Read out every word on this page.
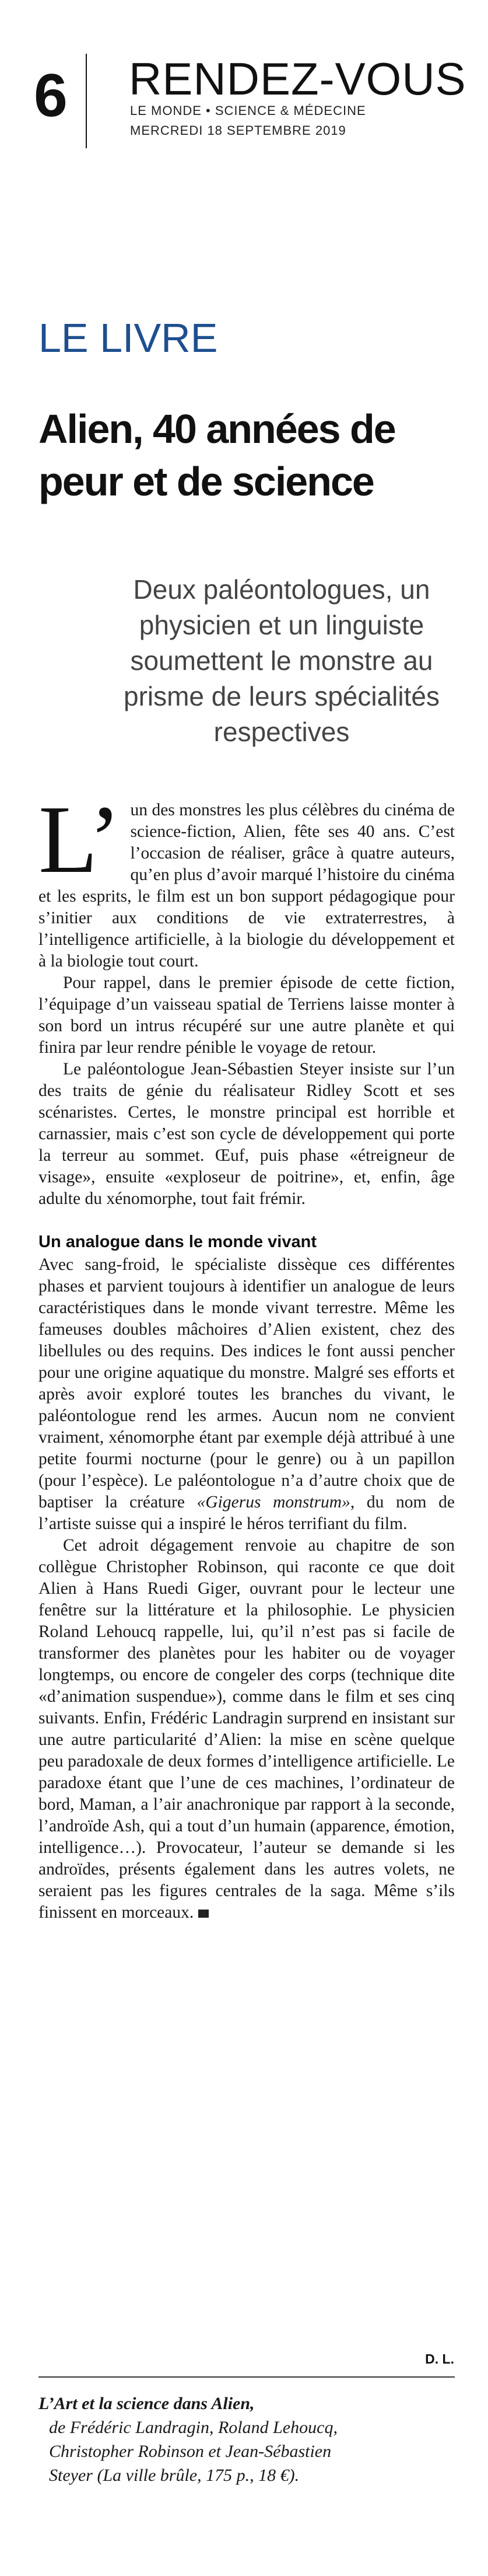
6 RENDEZ-VOUS
LE MONDE • SCIENCE & MÉDECINE
MERCREDI 18 SEPTEMBRE 2019
LE LIVRE
Alien, 40 années de peur et de science
Deux paléontologues, un physicien et un linguiste soumettent le monstre au prisme de leurs spécialités respectives

L’ un des monstres les plus célèbres du cinéma de science-fiction, Alien, fête ses 40 ans. C’est l’occasion de réaliser, grâce à quatre auteurs, qu’en plus d’avoir marqué l’histoire du cinéma et les esprits, le film est un bon support pédagogique pour s’initier aux conditions de vie extraterrestres, à l’intelligence artificielle, à la biologie du développement et à la biologie tout court.

Pour rappel, dans le premier épisode de cette fiction, l’équipage d’un vaisseau spatial de Terriens laisse monter à son bord un intrus récupéré sur une autre planète et qui finira par leur rendre pénible le voyage de retour.

Le paléontologue Jean-Sébastien Steyer insiste sur l’un des traits de génie du réalisateur Ridley Scott et ses scénaristes. Certes, le monstre principal est horrible et carnassier, mais c’est son cycle de développement qui porte la terreur au sommet. Œuf, puis phase «étreigneur de visage», ensuite «exploseur de poitrine», et, enfin, âge adulte du xénomorphe, tout fait frémir.

Un analogue dans le monde vivant

Avec sang-froid, le spécialiste dissèque ces différentes phases et parvient toujours à identifier un analogue de leurs caractéristiques dans le monde vivant terrestre. Même les fameuses doubles mâchoires d’Alien existent, chez des libellules ou des requins. Des indices le font aussi pencher pour une origine aquatique du monstre. Malgré ses efforts et après avoir exploré toutes les branches du vivant, le paléontologue rend les armes. Aucun nom ne convient vraiment, xénomorphe étant par exemple déjà attribué à une petite fourmi nocturne (pour le genre) ou à un papillon (pour l’espèce). Le paléontologue n’a d’autre choix que de baptiser la créature «Gigerus monstrum», du nom de l’artiste suisse qui a inspiré le héros terrifiant du film.

Cet adroit dégagement renvoie au chapitre de son collègue Christopher Robinson, qui raconte ce que doit Alien à Hans Ruedi Giger, ouvrant pour le lecteur une fenêtre sur la littérature et la philosophie. Le physicien Roland Lehoucq rappelle, lui, qu’il n’est pas si facile de transformer des planètes pour les habiter ou de voyager longtemps, ou encore de congeler des corps (technique dite «d’animation suspendue»), comme dans le film et ses cinq suivants. Enfin, Frédéric Landragin surprend en insistant sur une autre particularité d’Alien: la mise en scène quelque peu paradoxale de deux formes d’intelligence artificielle. Le paradoxe étant que l’une de ces machines, l’ordinateur de bord, Maman, a l’air anachronique par rapport à la seconde, l’androïde Ash, qui a tout d’un humain (apparence, émotion, intelligence…). Provocateur, l’auteur se demande si les androïdes, présents également dans les autres volets, ne seraient pas les figures centrales de la saga. Même s’ils finissent en morceaux.

D. L.
L’Art et la science dans Alien,
de Frédéric Landragin, Roland Lehoucq,
Christopher Robinson et Jean-Sébastien
Steyer (La ville brûle, 175 p., 18 €).
